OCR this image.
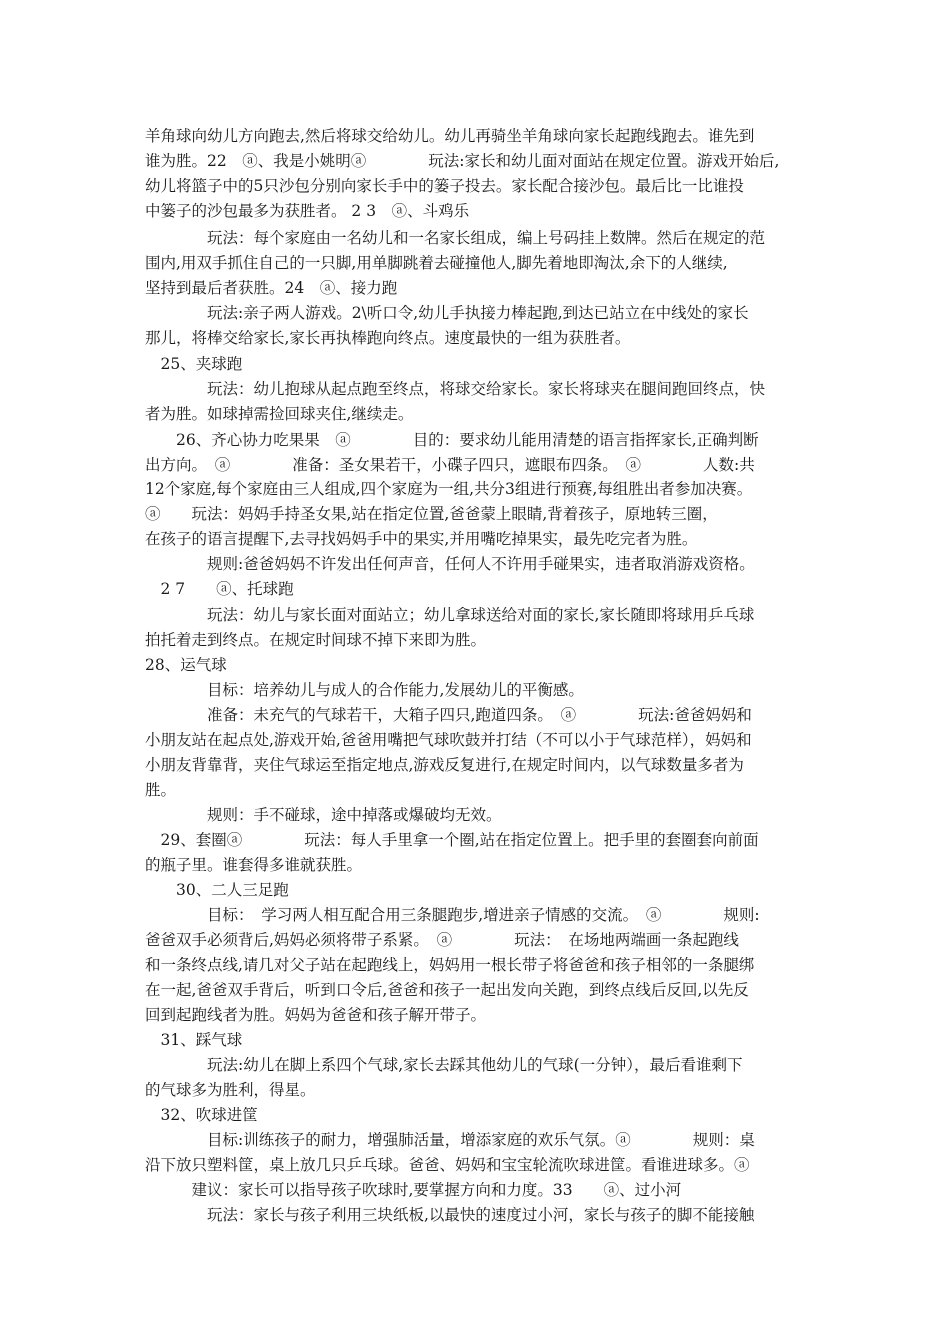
羊角球向幼儿方向跑去,然后将球交给幼儿。幼儿再骑坐羊角球向家长起跑线跑去。谁先到
谁为胜。22　ⓐ、我是小姚明ⓐ　　　　玩法:家长和幼儿面对面站在规定位置。游戏开始后,
幼儿将篮子中的5只沙包分别向家长手中的篓子投去。家长配合接沙包。最后比一比谁投
中篓子的沙包最多为获胜者。 2 3　ⓐ、斗鸡乐
　　　　玩法：每个家庭由一名幼儿和一名家长组成，编上号码挂上数牌。然后在规定的范
围内,用双手抓住自己的一只脚,用单脚跳着去碰撞他人,脚先着地即淘汰,余下的人继续,
坚持到最后者获胜。24　ⓐ、接力跑
　　　　玩法:亲子两人游戏。2\听口令,幼儿手执接力棒起跑,到达已站立在中线处的家长
那儿，将棒交给家长,家长再执棒跑向终点。速度最快的一组为获胜者。
　25、夹球跑
　　　　玩法：幼儿抱球从起点跑至终点，将球交给家长。家长将球夹在腿间跑回终点，快
者为胜。如球掉需捡回球夹住,继续走。
　　26、齐心协力吃果果　ⓐ　　　　目的：要求幼儿能用清楚的语言指挥家长,正确判断
出方向。　ⓐ　　　　准备：圣女果若干，小碟子四只，遮眼布四条。　ⓐ　　　　人数:共
12个家庭,每个家庭由三人组成,四个家庭为一组,共分3组进行预赛,每组胜出者参加决赛。
ⓐ　　玩法：妈妈手持圣女果,站在指定位置,爸爸蒙上眼睛,背着孩子，原地转三圈，
在孩子的语言提醒下,去寻找妈妈手中的果实,并用嘴吃掉果实，最先吃完者为胜。
　　　　规则:爸爸妈妈不许发出任何声音，任何人不许用手碰果实，违者取消游戏资格。
　2 7　　ⓐ、托球跑
　　　　玩法：幼儿与家长面对面站立；幼儿拿球送给对面的家长,家长随即将球用乒乓球
拍托着走到终点。在规定时间球不掉下来即为胜。
28、运气球
　　　　目标：培养幼儿与成人的合作能力,发展幼儿的平衡感。
　　　　准备：未充气的气球若干，大箱子四只,跑道四条。　ⓐ　　　　玩法:爸爸妈妈和
小朋友站在起点处,游戏开始,爸爸用嘴把气球吹鼓并打结（不可以小于气球范样），妈妈和
小朋友背靠背，夹住气球运至指定地点,游戏反复进行,在规定时间内，以气球数量多者为
胜。
　　　　规则：手不碰球，途中掉落或爆破均无效。
　29、套圈ⓐ　　　　玩法：每人手里拿一个圈,站在指定位置上。把手里的套圈套向前面
的瓶子里。谁套得多谁就获胜。
　　30、二人三足跑
　　　　目标：　学习两人相互配合用三条腿跑步,增进亲子情感的交流。　ⓐ　　　　规则:
爸爸双手必须背后,妈妈必须将带子系紧。　ⓐ　　　　玩法：　在场地两端画一条起跑线
和一条终点线,请几对父子站在起跑线上，妈妈用一根长带子将爸爸和孩子相邻的一条腿绑
在一起,爸爸双手背后，听到口令后,爸爸和孩子一起出发向关跑，到终点线后反回,以先反
回到起跑线者为胜。妈妈为爸爸和孩子解开带子。
　31、踩气球
　　　　玩法:幼儿在脚上系四个气球,家长去踩其他幼儿的气球(一分钟），最后看谁剩下
的气球多为胜利，得星。
　32、吹球进筐
　　　　目标:训练孩子的耐力，增强肺活量，增添家庭的欢乐气氛。ⓐ　　　　规则：桌
沿下放只塑料筐，桌上放几只乒乓球。爸爸、妈妈和宝宝轮流吹球进筐。看谁进球多。ⓐ
　　　建议：家长可以指导孩子吹球时,要掌握方向和力度。33　　ⓐ、过小河
　　　　玩法：家长与孩子利用三块纸板,以最快的速度过小河，家长与孩子的脚不能接触
